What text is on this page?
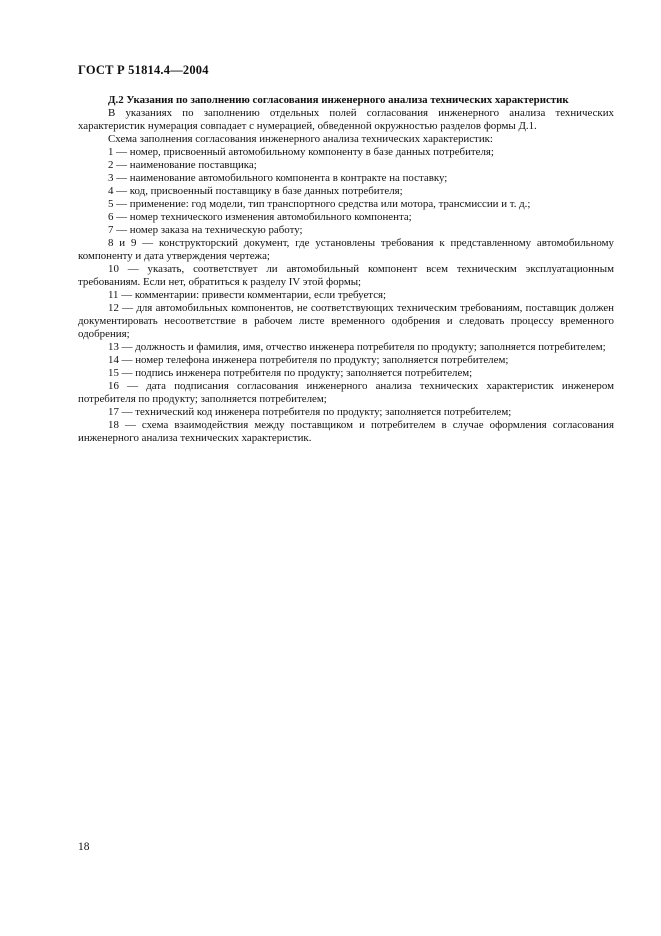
ГОСТ Р 51814.4—2004
Д.2 Указания по заполнению согласования инженерного анализа технических характеристик

В указаниях по заполнению отдельных полей согласования инженерного анализа технических характеристик нумерация совпадает с нумерацией, обведенной окружностью разделов формы Д.1.

Схема заполнения согласования инженерного анализа технических характеристик:

1 — номер, присвоенный автомобильному компоненту в базе данных потребителя;

2 — наименование поставщика;

3 — наименование автомобильного компонента в контракте на поставку;

4 — код, присвоенный поставщику в базе данных потребителя;

5 — применение: год модели, тип транспортного средства или мотора, трансмиссии и т. д.;

6 — номер технического изменения автомобильного компонента;

7 — номер заказа на техническую работу;

8 и 9 — конструкторский документ, где установлены требования к представленному автомобильному компоненту и дата утверждения чертежа;

10 — указать, соответствует ли автомобильный компонент всем техническим эксплуатационным требованиям. Если нет, обратиться к разделу IV этой формы;

11 — комментарии: привести комментарии, если требуется;

12 — для автомобильных компонентов, не соответствующих техническим требованиям, поставщик должен документировать несоответствие в рабочем листе временного одобрения и следовать процессу временного одобрения;

13 — должность и фамилия, имя, отчество инженера потребителя по продукту; заполняется потребителем;

14 — номер телефона инженера потребителя по продукту; заполняется потребителем;

15 — подпись инженера потребителя по продукту; заполняется потребителем;

16 — дата подписания согласования инженерного анализа технических характеристик инженером потребителя по продукту; заполняется потребителем;

17 — технический код инженера потребителя по продукту; заполняется потребителем;

18 — схема взаимодействия между поставщиком и потребителем в случае оформления согласования инженерного анализа технических характеристик.

18
